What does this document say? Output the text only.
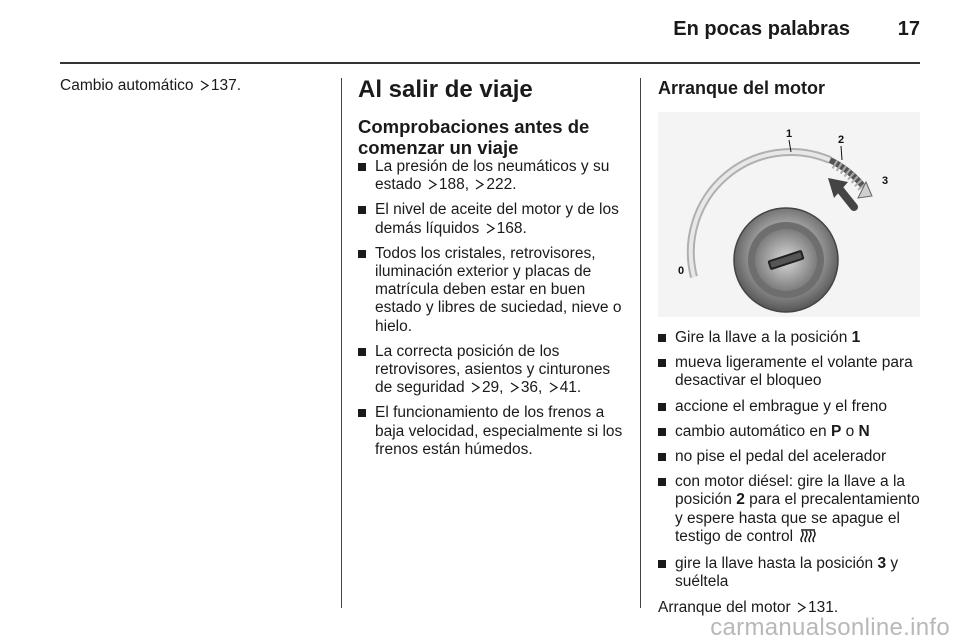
En pocas palabras	17

Cambio automático 137.	Al salir de viaje
Comprobaciones antes de comenzar un viaje
La presión de los neumáticos y su estado 188, 222.
El nivel de aceite del motor y de los demás líquidos 168.
Todos los cristales, retrovisores, iluminación exterior y placas de matrícula deben estar en buen estado y libres de suciedad, nieve o hielo.
La correcta posición de los retrovisores, asientos y cinturones de seguridad 29, 36, 41.
El funcionamiento de los frenos a baja velocidad, especialmente si los frenos están húmedos.
Arranque del motor
0
1	2
3
Gire la llave a la posición 1
mueva ligeramente el volante para desactivar el bloqueo
accione el embrague y el freno
cambio automático en P o N
no pise el pedal del acelerador
con motor diésel: gire la llave a la posición 2 para el precalentamiento y espere hasta que se apague el testigo de control
gire la llave hasta la posición 3 y suéltela

Arranque del motor 131.

carmanualsonline.info
